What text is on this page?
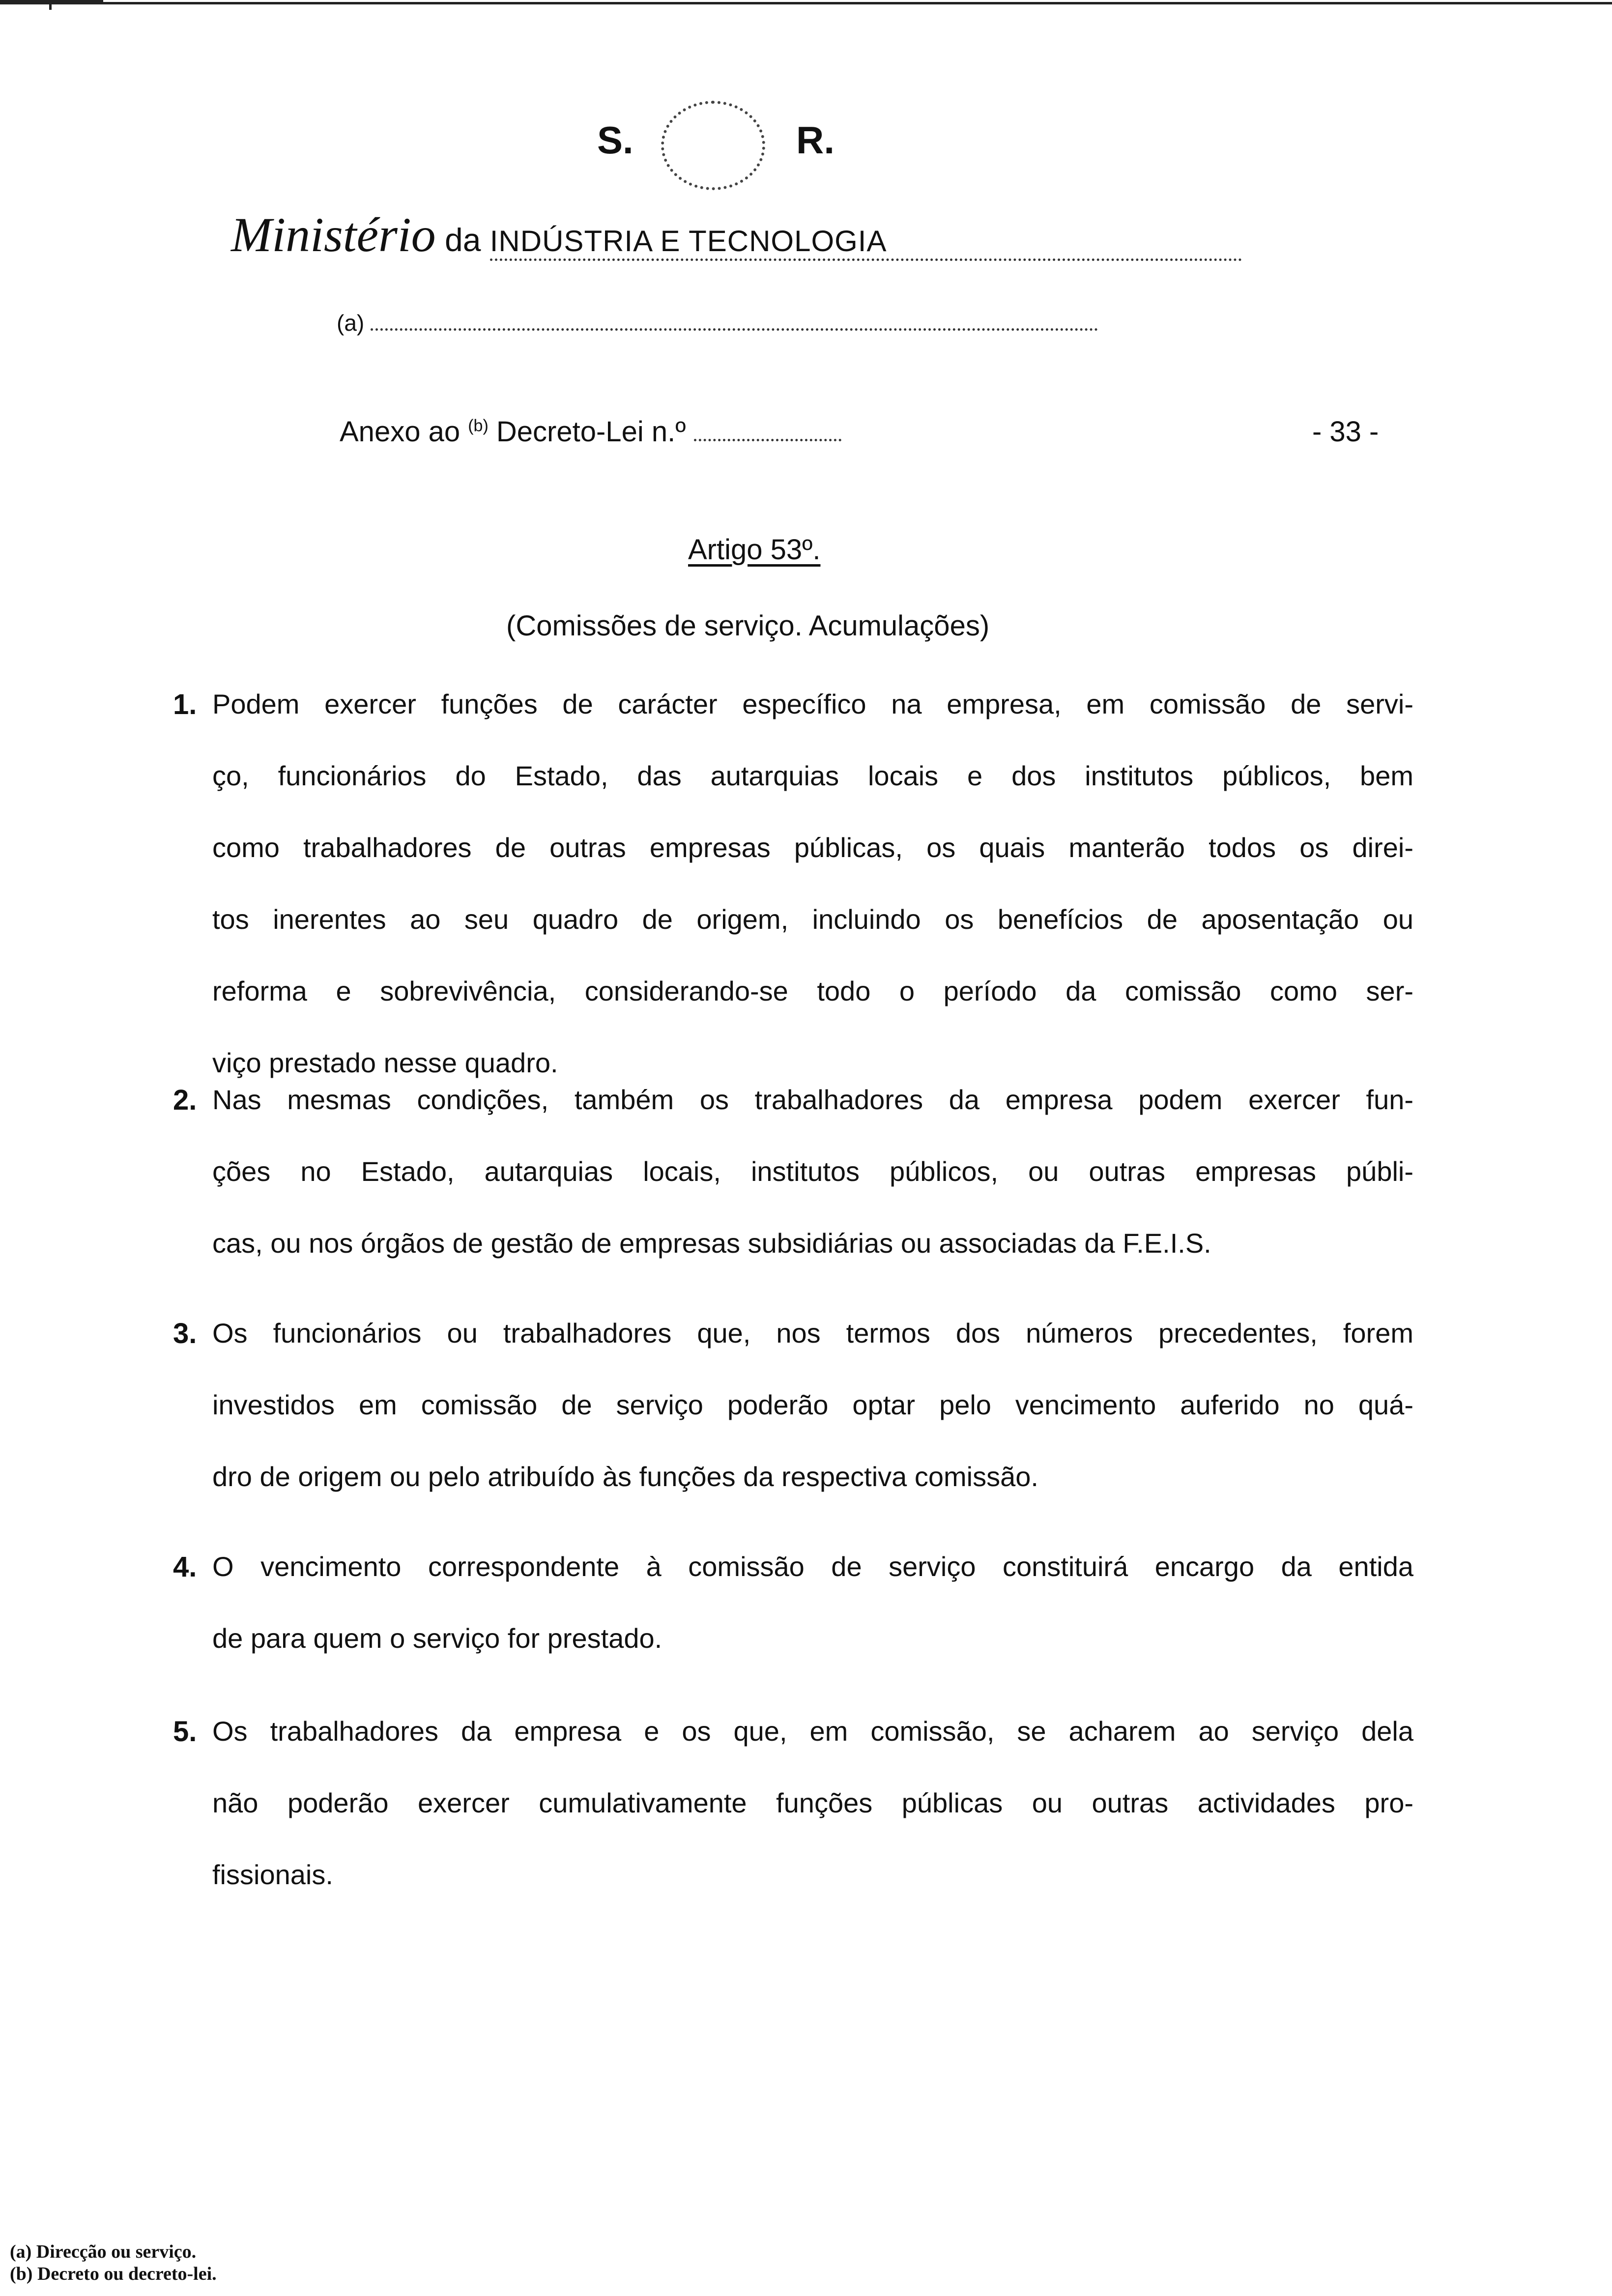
S.	R.
Ministério da INDÚSTRIA E TECNOLOGIA
(a)
Anexo ao $^{(b)}$ Decreto-Lei n.º	- 33 -
Artigo 53º.
(Comissões de serviço. Acumulações)
1. Podem exercer funções de carácter específico na empresa, em comissão de servi-
ço, funcionários do Estado, das autarquias locais e dos institutos públicos, bem
como trabalhadores de outras empresas públicas, os quais manterão todos os direi-
tos inerentes ao seu quadro de origem, incluindo os benefícios de aposentação ou
reforma e sobrevivência, considerando-se todo o período da comissão como ser-
viço prestado nesse quadro.
2. Nas mesmas condições, também os trabalhadores da empresa podem exercer fun-
ções no Estado, autarquias locais, institutos públicos, ou outras empresas públi-
cas, ou nos órgãos de gestão de empresas subsidiárias ou associadas da F.E.I.S.
3. Os funcionários ou trabalhadores que, nos termos dos números precedentes, forem
investidos em comissão de serviço poderão optar pelo vencimento auferido no quá-
dro de origem ou pelo atribuído às funções da respectiva comissão.
4. O vencimento correspondente à comissão de serviço constituirá encargo da entida
de para quem o serviço for prestado.
5. Os trabalhadores da empresa e os que, em comissão, se acharem ao serviço dela
não poderão exercer cumulativamente funções públicas ou outras actividades pro-
fissionais.
(a) Direcção ou serviço.
(b) Decreto ou decreto-lei.
